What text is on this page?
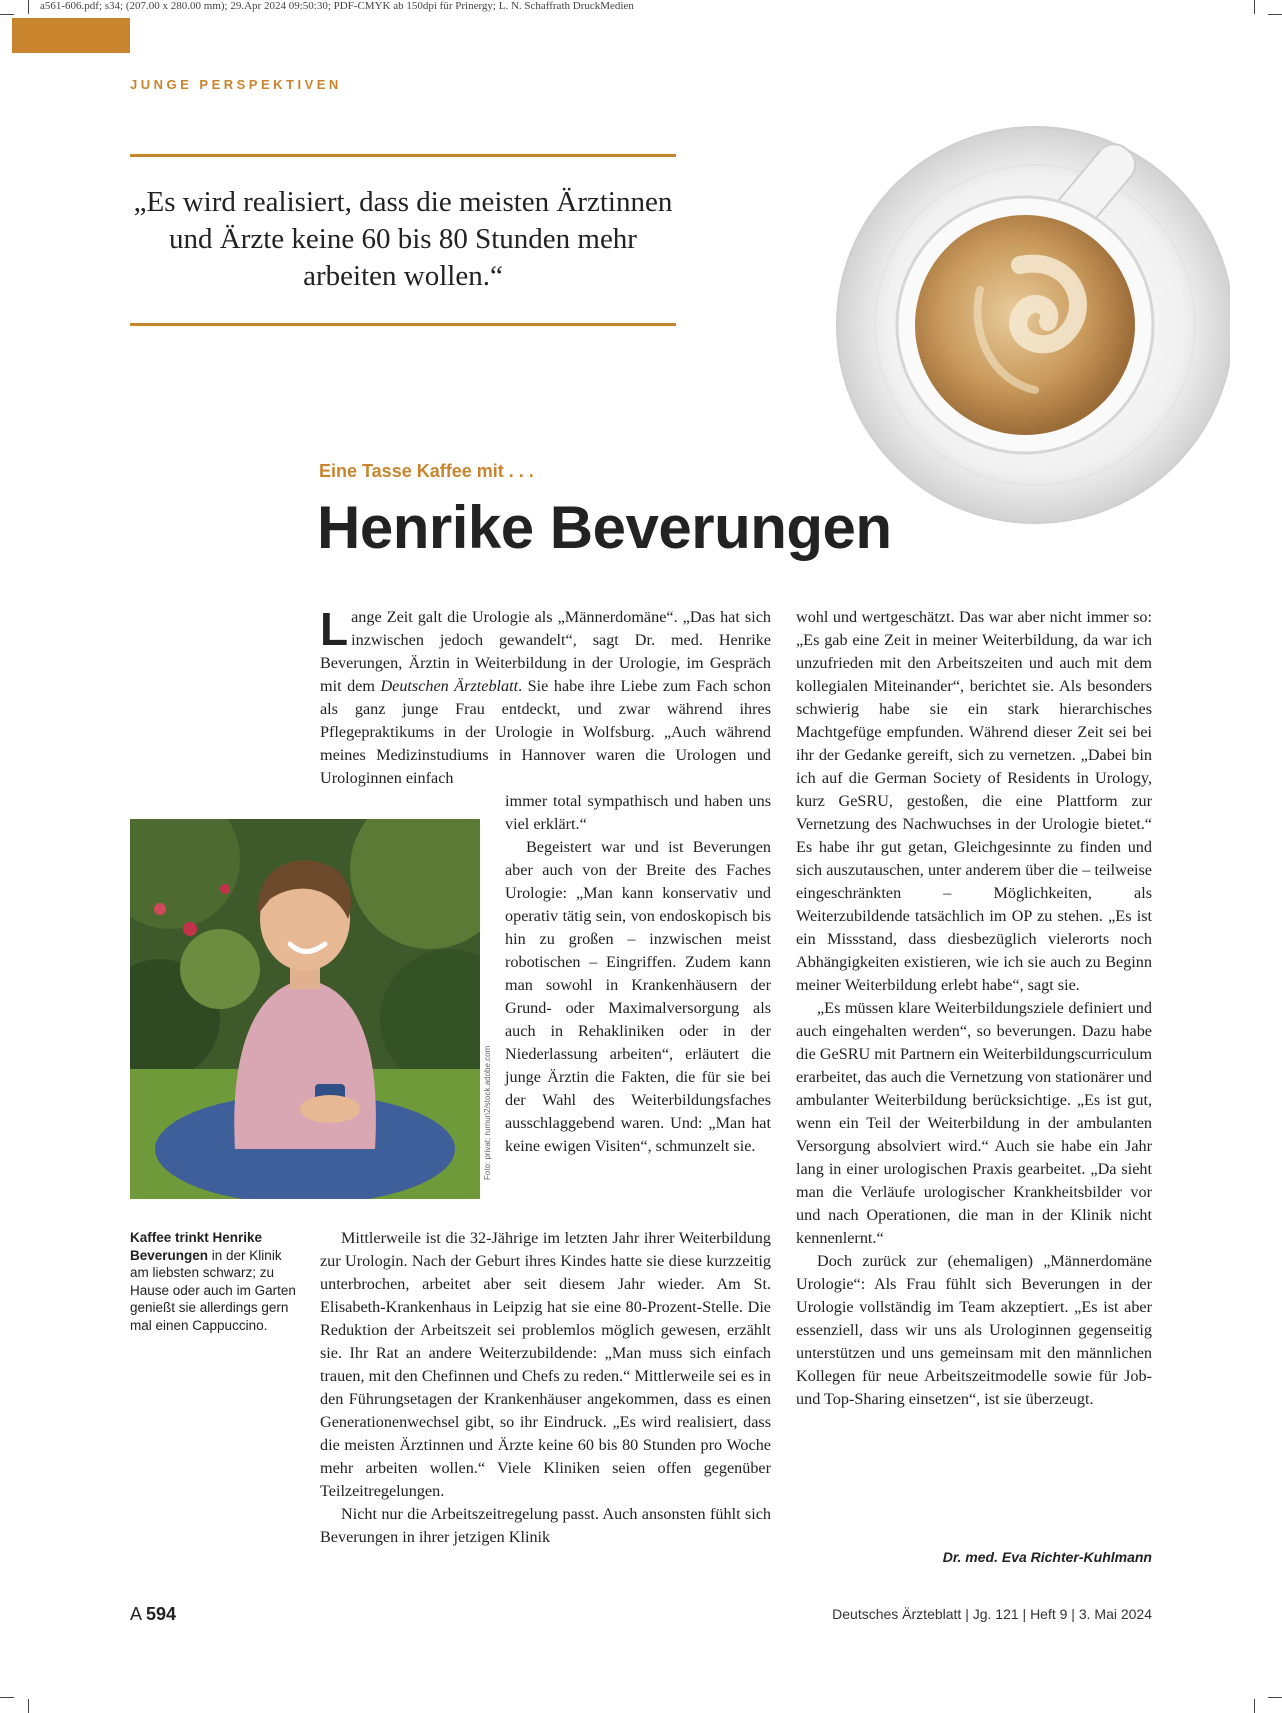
a561-606.pdf; s34; (207.00 x 280.00 mm); 29.Apr 2024 09:50:30; PDF-CMYK ab 150dpi für Prinergy; L. N. Schaffrath DruckMedien
JUNGE PERSPEKTIVEN

„Es wird realisiert, dass die meisten Ärztinnen und Ärzte keine 60 bis 80 Stunden mehr arbeiten wollen.“

Eine Tasse Kaffee mit . . .
Henrike Beverungen

Lange Zeit galt die Urologie als „Männerdomäne“. „Das hat sich inzwischen jedoch gewandelt“, sagt Dr. med. Henrike Beverungen, Ärztin in Weiterbildung in der Urologie, im Gespräch mit dem Deutschen Ärzteblatt. Sie habe ihre Liebe zum Fach schon als ganz junge Frau entdeckt, und zwar während ihres Pflegepraktikums in der Urologie in Wolfsburg. „Auch während meines Medizinstudiums in Hannover waren die Urologen und Urologinnen einfach

immer total sympathisch und haben uns viel erklärt.“

Begeistert war und ist Beverungen aber auch von der Breite des Faches Urologie: „Man kann konservativ und operativ tätig sein, von endoskopisch bis hin zu großen – inzwischen meist robotischen – Eingriffen. Zudem kann man sowohl in Krankenhäusern der Grund- oder Maximalversorgung als auch in Rehakliniken oder in der Niederlassung arbeiten“, erläutert die junge Ärztin die Fakten, die für sie bei der Wahl des Weiterbildungsfaches ausschlaggebend waren. Und: „Man hat keine ewigen Visiten“, schmunzelt sie.

Mittlerweile ist die 32-Jährige im letzten Jahr ihrer Weiterbildung zur Urologin. Nach der Geburt ihres Kindes hatte sie diese kurzzeitig unterbrochen, arbeitet aber seit diesem Jahr wieder. Am St. Elisabeth-Krankenhaus in Leipzig hat sie eine 80-Prozent-Stelle. Die Reduktion der Arbeitszeit sei problemlos möglich gewesen, erzählt sie. Ihr Rat an andere Weiterzubildende: „Man muss sich einfach trauen, mit den Chefinnen und Chefs zu reden.“ Mittlerweile sei es in den Führungsetagen der Krankenhäuser angekommen, dass es einen Generationenwechsel gibt, so ihr Eindruck. „Es wird realisiert, dass die meisten Ärztinnen und Ärzte keine 60 bis 80 Stunden pro Woche mehr arbeiten wollen.“ Viele Kliniken seien offen gegenüber Teilzeitregelungen.

Nicht nur die Arbeitszeitregelung passt. Auch ansonsten fühlt sich Beverungen in ihrer jetzigen Klinik

wohl und wertgeschätzt. Das war aber nicht immer so: „Es gab eine Zeit in meiner Weiterbildung, da war ich unzufrieden mit den Arbeitszeiten und auch mit dem kollegialen Miteinander“, berichtet sie. Als besonders schwierig habe sie ein stark hierarchisches Machtgefüge empfunden. Während dieser Zeit sei bei ihr der Gedanke gereift, sich zu vernetzen. „Dabei bin ich auf die German Society of Residents in Urology, kurz GeSRU, gestoßen, die eine Plattform zur Vernetzung des Nachwuchses in der Urologie bietet.“ Es habe ihr gut getan, Gleichgesinnte zu finden und sich auszutauschen, unter anderem über die – teilweise eingeschränkten – Möglichkeiten, als Weiterzubildende tatsächlich im OP zu stehen. „Es ist ein Missstand, dass diesbezüglich vielerorts noch Abhängigkeiten existieren, wie ich sie auch zu Beginn meiner Weiterbildung erlebt habe“, sagt sie.

„Es müssen klare Weiterbildungsziele definiert und auch eingehalten werden“, so beverungen. Dazu habe die GeSRU mit Partnern ein Weiterbildungscurriculum erarbeitet, das auch die Vernetzung von stationärer und ambulanter Weiterbildung berücksichtige. „Es ist gut, wenn ein Teil der Weiterbildung in der ambulanten Versorgung absolviert wird.“ Auch sie habe ein Jahr lang in einer urologischen Praxis gearbeitet. „Da sieht man die Verläufe urologischer Krankheitsbilder vor und nach Operationen, die man in der Klinik nicht kennenlernt.“

Doch zurück zur (ehemaligen) „Männerdomäne Urologie“: Als Frau fühlt sich Beverungen in der Urologie vollständig im Team akzeptiert. „Es ist aber essenziell, dass wir uns als Urologinnen gegenseitig unterstützen und uns gemeinsam mit den männlichen Kollegen für neue Arbeitszeitmodelle sowie für Job- und Top-Sharing einsetzen“, ist sie überzeugt.

Dr. med. Eva Richter-Kuhlmann
Foto: privat; rumun2/stock.adobe.com
Kaffee trinkt Henrike Beverungen in der Klinik am liebsten schwarz; zu Hause oder auch im Garten genießt sie allerdings gern mal einen Cappuccino.
A 594	Deutsches Ärzteblatt | Jg. 121 | Heft 9 | 3. Mai 2024
